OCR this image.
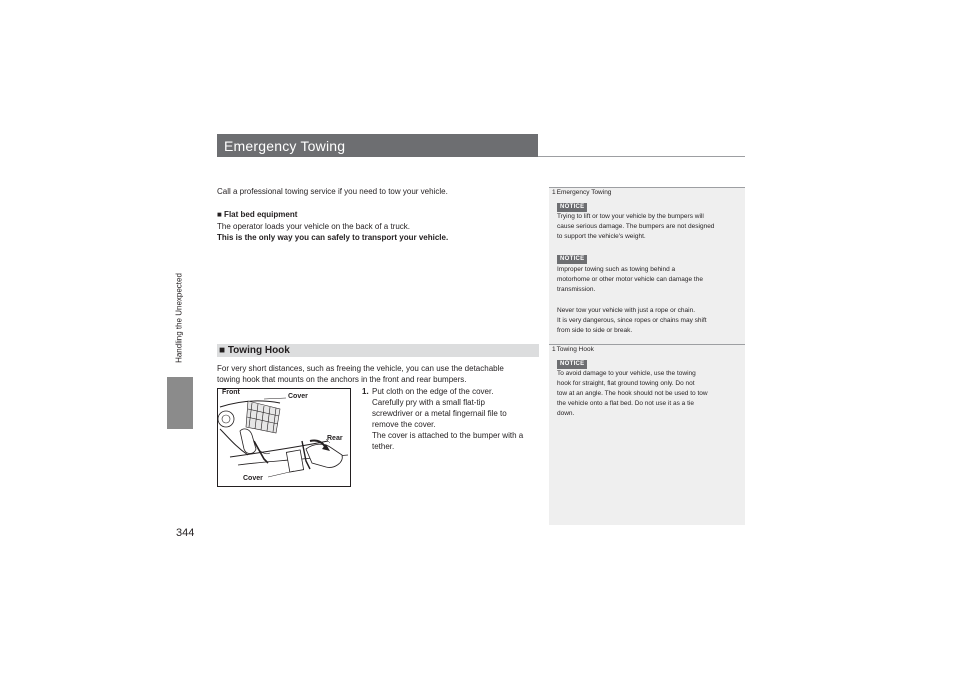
Handling the Unexpected
344
Emergency Towing
Call a professional towing service if you need to tow your vehicle.
■ Flat bed equipment
The operator loads your vehicle on the back of a truck.
This is the only way you can safely to transport your vehicle.
■ Towing Hook
For very short distances, such as freeing the vehicle, you can use the detachable
towing hook that mounts on the anchors in the front and rear bumpers.
1. Put cloth on the edge of the cover.
Carefully pry with a small flat-tip
screwdriver or a metal fingernail file to
remove the cover.
The cover is attached to the bumper with a
tether.
Front
Cover
Rear
Cover
1Emergency Towing
NOTICE
Trying to lift or tow your vehicle by the bumpers will
cause serious damage. The bumpers are not designed
to support the vehicle's weight.
NOTICE
Improper towing such as towing behind a
motorhome or other motor vehicle can damage the
transmission.
Never tow your vehicle with just a rope or chain.
It is very dangerous, since ropes or chains may shift
from side to side or break.
1Towing Hook
NOTICE
To avoid damage to your vehicle, use the towing
hook for straight, flat ground towing only. Do not
tow at an angle. The hook should not be used to tow
the vehicle onto a flat bed. Do not use it as a tie
down.
